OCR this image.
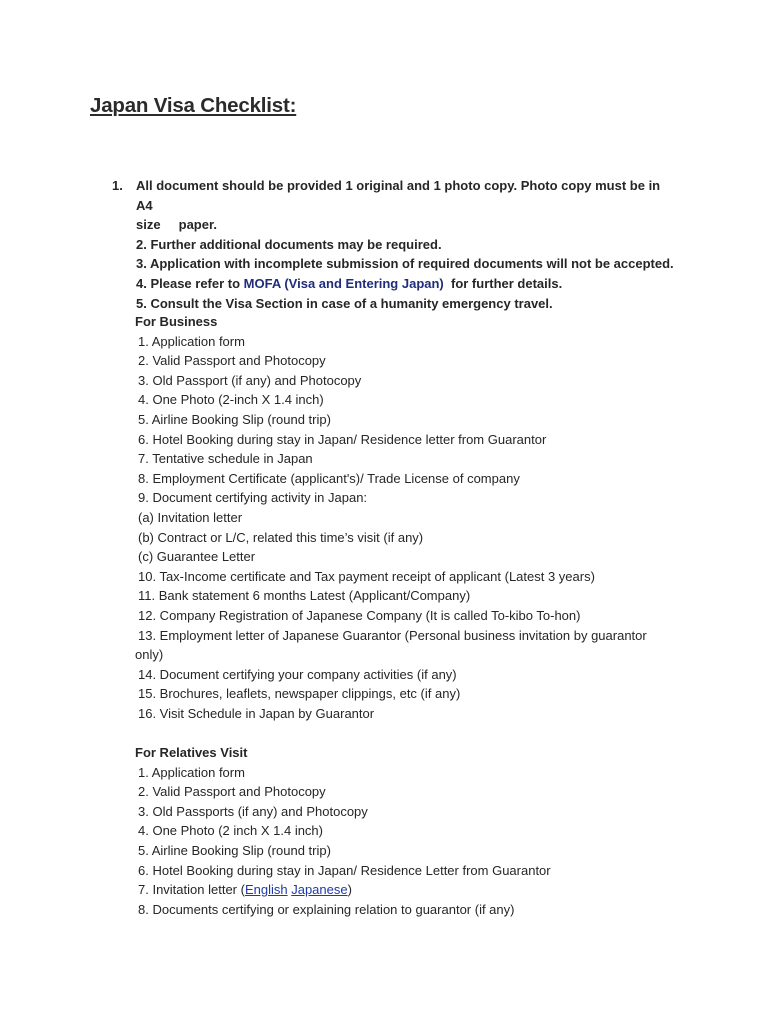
Japan Visa Checklist:
1.	All document should be provided 1 original and 1 photo copy. Photo copy must be in A4
size     paper.
2. Further additional documents may be required.
3. Application with incomplete submission of required documents will not be accepted.
4. Please refer to MOFA (Visa and Entering Japan)  for further details.
5. Consult the Visa Section in case of a humanity emergency travel.
For Business
1. Application form
2. Valid Passport and Photocopy
3. Old Passport (if any) and Photocopy
4. One Photo (2-inch X 1.4 inch)
5. Airline Booking Slip (round trip)
6. Hotel Booking during stay in Japan/ Residence letter from Guarantor
7. Tentative schedule in Japan
8. Employment Certificate (applicant's)/ Trade License of company
9. Document certifying activity in Japan:
(a) Invitation letter
(b) Contract or L/C, related this time’s visit (if any)
(c) Guarantee Letter
10. Tax-Income certificate and Tax payment receipt of applicant (Latest 3 years)
11. Bank statement 6 months Latest (Applicant/Company)
12. Company Registration of Japanese Company (It is called To-kibo To-hon)
13. Employment letter of Japanese Guarantor (Personal business invitation by guarantor
only)
14. Document certifying your company activities (if any)
15. Brochures, leaflets, newspaper clippings, etc (if any)
16. Visit Schedule in Japan by Guarantor
For Relatives Visit
1. Application form
2. Valid Passport and Photocopy
3. Old Passports (if any) and Photocopy
4. One Photo (2 inch X 1.4 inch)
5. Airline Booking Slip (round trip)
6. Hotel Booking during stay in Japan/ Residence Letter from Guarantor
7. Invitation letter (English Japanese)
8. Documents certifying or explaining relation to guarantor (if any)
